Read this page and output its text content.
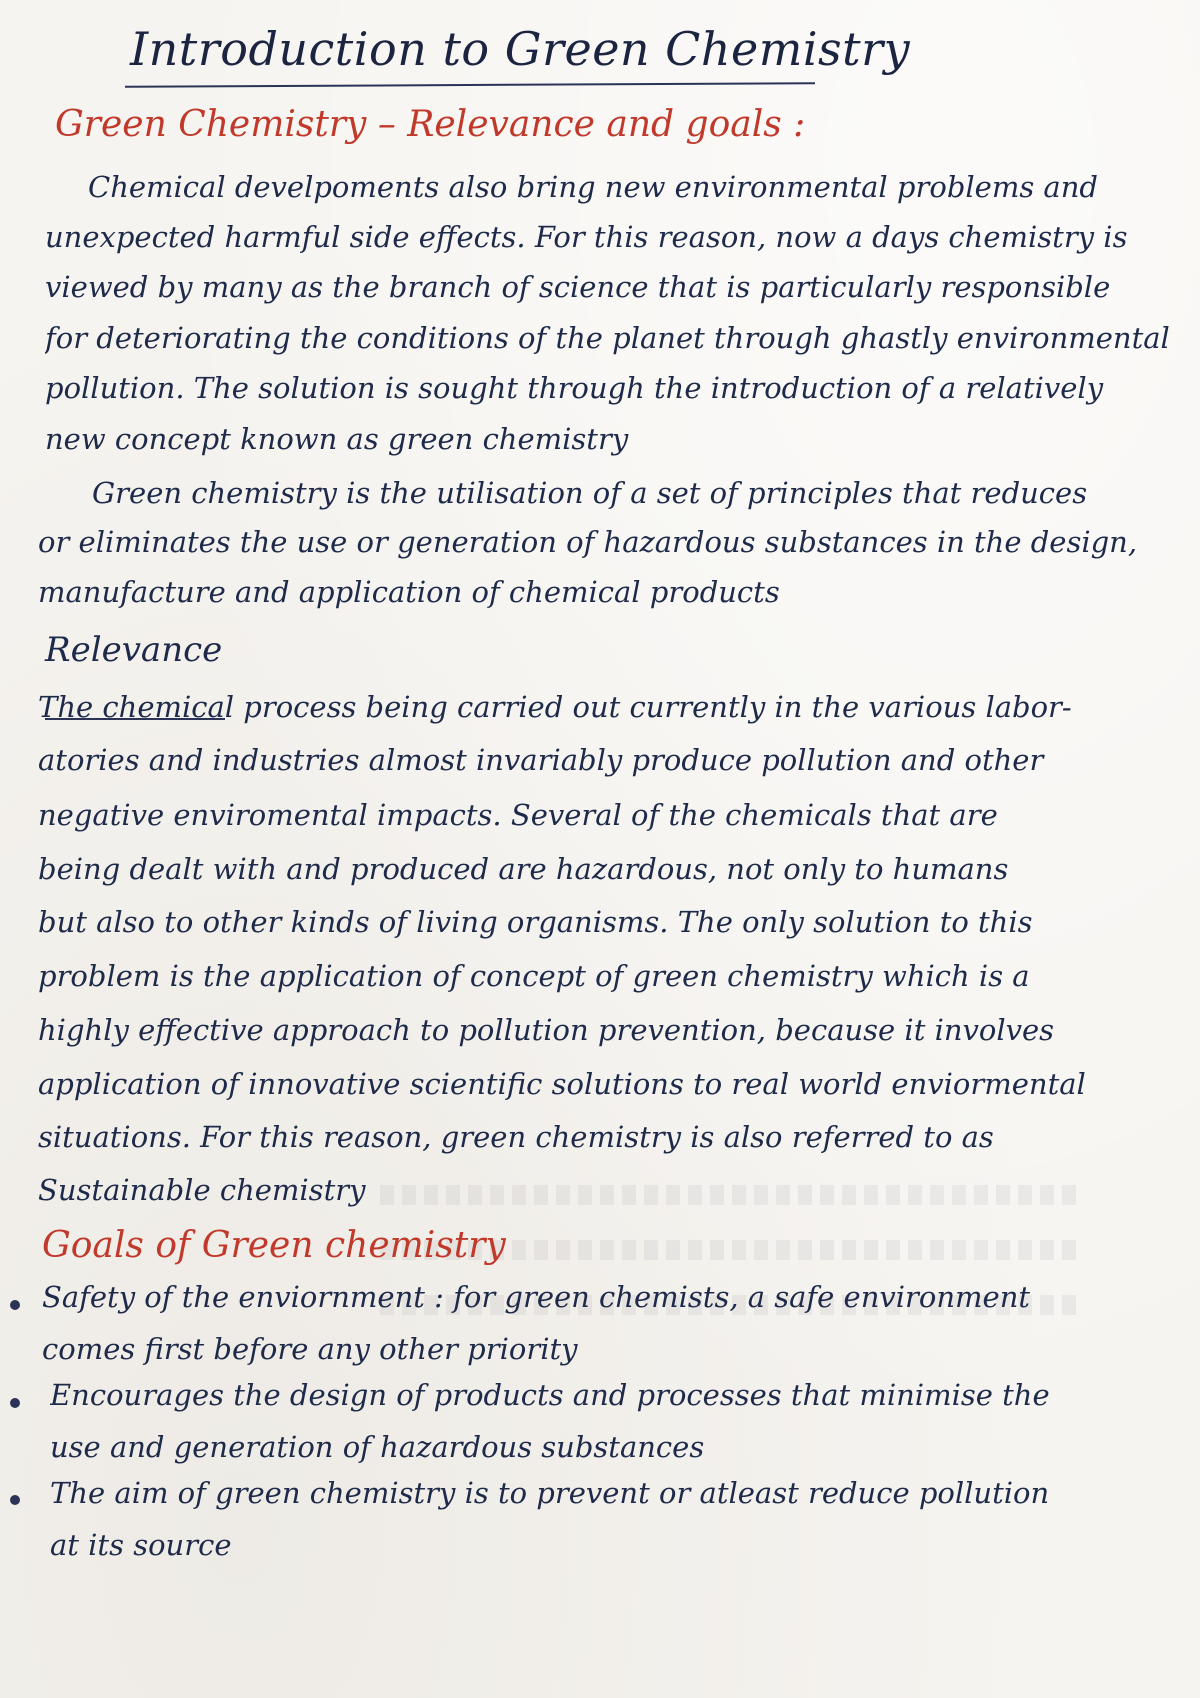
Introduction to Green Chemistry
Green Chemistry – Relevance and goals :
Chemical develpoments also bring new environmental problems and
unexpected harmful side effects. For this reason, now a days chemistry is
viewed by many as the branch of science that is particularly responsible
for deteriorating the conditions of the planet through ghastly environmental
pollution. The solution is sought through the introduction of a relatively
new concept known as green chemistry
Green chemistry is the utilisation of a set of principles that reduces
or eliminates the use or generation of hazardous substances in the design,
manufacture and application of chemical products
Relevance
The chemical process being carried out currently in the various labor-
atories and industries almost invariably produce pollution and other
negative enviromental impacts. Several of the chemicals that are
being dealt with and produced are hazardous, not only to humans
but also to other kinds of living organisms. The only solution to this
problem is the application of concept of green chemistry which is a
highly effective approach to pollution prevention, because it involves
application of innovative scientific solutions to real world enviormental
situations. For this reason, green chemistry is also referred to as
Sustainable chemistry
Goals of Green chemistry
Safety of the enviornment : for green chemists, a safe environment
comes first before any other priority
Encourages the design of products and processes that minimise the
use and generation of hazardous substances
The aim of green chemistry is to prevent or atleast reduce pollution
at its source
